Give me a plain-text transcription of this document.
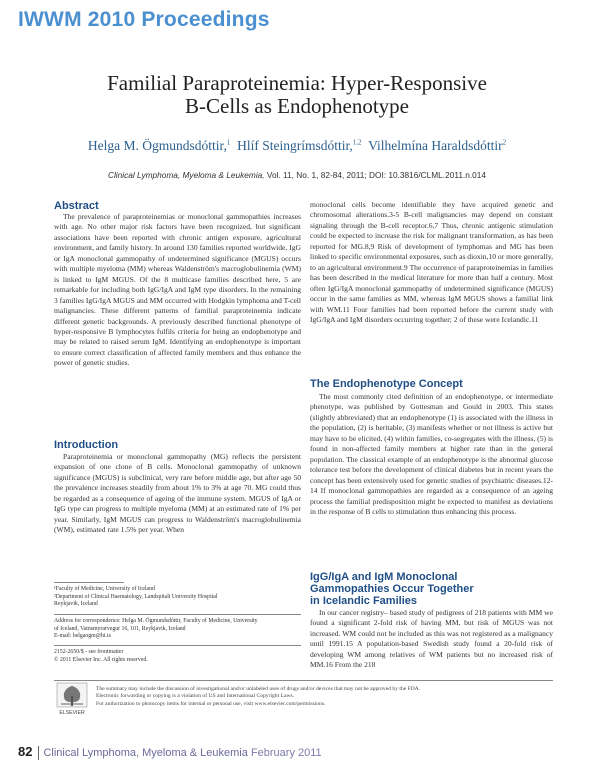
IWWM 2010 Proceedings
Familial Paraproteinemia: Hyper-Responsive
B-Cells as Endophenotype
Helga M. Ögmundsdóttir,$^1$ Hlíf Steingrímsdóttir,$^{1,2}$ Vilhelmína Haraldsdóttir$^2$
Clinical Lymphoma, Myeloma & Leukemia, Vol. 11, No. 1, 82-84, 2011; DOI: 10.3816/CLML.2011.n.014
Abstract

The prevalence of paraproteinemias or monoclonal gammopathies increases with age. No other major risk factors have been recognized, but significant associations have been reported with chronic antigen exposure, agricultural environment, and family history. In around 130 families reported worldwide, IgG or IgA monoclonal gammopathy of undetermined significance (MGUS) occurs with multiple myeloma (MM) whereas Waldenström's macroglobulinemia (WM) is linked to IgM MGUS. Of the 8 multicase families described here, 5 are remarkable for including both IgG/IgA and IgM type disorders. In the remaining 3 families IgG/IgA MGUS and MM occurred with Hodgkin lymphoma and T-cell malignancies. These different patterns of familial paraproteinemia indicate different genetic backgrounds. A previously described functional phenotype of hyper-responsive B lymphocytes fulfils criteria for being an endophenotype and may be related to raised serum IgM. Identifying an endophenotype is important to ensure correct classification of affected family members and thus enhance the power of genetic studies.

Introduction

Paraproteinemia or monoclonal gammopathy (MG) reflects the persistent expansion of one clone of B cells. Monoclonal gammopathy of unknown significance (MGUS) is subclinical, very rare before middle age, but after age 50 the prevalence increases steadily from about 1% to 3% at age 70. MG could thus be regarded as a consequence of ageing of the immune system. MGUS of IgA or IgG type can progress to multiple myeloma (MM) at an estimated rate of 1% per year. Similarly, IgM MGUS can progress to Waldenström's macroglobulinemia (WM), estimated rate 1.5% per year. When

¹Faculty of Medicine, University of Iceland
²Department of Clinical Haematology, Landspitali University Hospital
Reykjavik, Iceland
Address for correspondence: Helga M. Ögmundsdóttir, Faculty of Medicine, University
of Iceland, Vatnsmyrarvegur 16, 101, Reykjavik, Iceland
E-mail: helgaogm@hi.is
2152-2650/$ - see frontmatter
© 2011 Elsevier Inc. All rights reserved.

monoclonal cells become identifiable they have acquired genetic and chromosomal alterations.3-5 B-cell malignancies may depend on constant signaling through the B-cell receptor.6,7 Thus, chronic antigenic stimulation could be expected to increase the risk for malignant transformation, as has been reported for MG.8,9 Risk of development of lymphomas and MG has been linked to specific environmental exposures, such as dioxin,10 or more generally, to an agricultural environment.9 The occurrence of paraproteinemias in families has been described in the medical literature for more than half a century. Most often IgG/IgA monoclonal gammopathy of undetermined significance (MGUS) occur in the same families as MM, whereas IgM MGUS shows a familial link with WM.11 Four families had been reported before the current study with IgG/IgA and IgM disorders occurring together; 2 of these were Icelandic.11

The Endophenotype Concept

The most commonly cited definition of an endophenotype, or intermediate phenotype, was published by Gottesman and Gould in 2003. This states (slightly abbreviated) that an endophenotype (1) is associated with the illness in the population, (2) is heritable, (3) manifests whether or not illness is active but may have to be elicited, (4) within families, co-segregates with the illness, (5) is found in non-affected family members at higher rate than in the general population. The classical example of an endophenotype is the abnormal glucose tolerance test before the development of clinical diabetes but in recent years the concept has been extensively used for genetic studies of psychiatric diseases.12-14 If monoclonal gammopathies are regarded as a consequence of an ageing process the familial predisposition might be expected to manifest as deviations in the response of B cells to stimulation thus enhancing this process.

IgG/IgA and IgM Monoclonal
Gammopathies Occur Together
in Icelandic Families

In our cancer registry– based study of pedigrees of 218 patients with MM we found a significant 2-fold risk of having MM, but risk of MGUS was not increased. WM could not be included as this was not registered as a malignancy until 1991.15 A population-based Swedish study found a 20-fold risk of developing WM among relatives of WM patients but no increased risk of MM.16 From the 218

ELSEVIER
The summary may include the discussion of investigational and/or unlabeled uses of drugs and/or devices that may not be approved by the FDA.
Electronic forwarding or copying is a violation of US and International Copyright Laws.
For authorization to photocopy items for internal or personal use, visit www.elsevier.com/permissions.
82 Clinical Lymphoma, Myeloma & Leukemia February 2011
